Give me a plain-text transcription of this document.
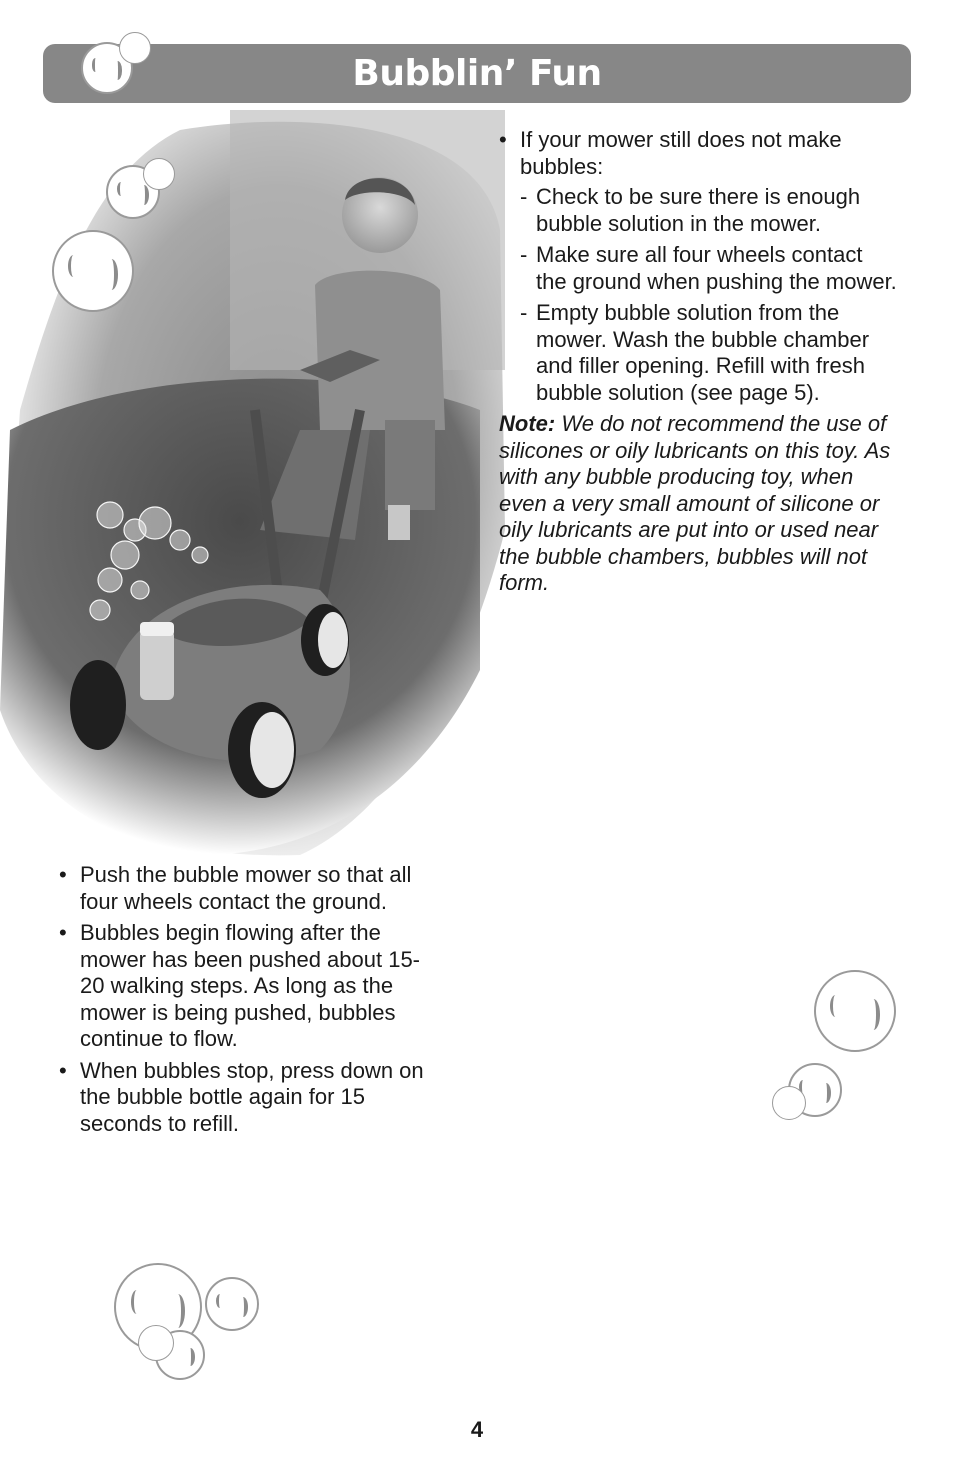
Bubblin’ Fun
• If your mower still does not make bubbles:
- Check to be sure there is enough bubble solution in the mower.
- Make sure all four wheels contact the ground when pushing the mower.
- Empty bubble solution from the mower. Wash the bubble chamber and filler opening. Refill with fresh bubble solution (see page 5).
Note: We do not recommend the use of silicones or oily lubricants on this toy. As with any bubble producing toy, when even a very small amount of silicone or oily lubricants are put into or used near the bubble chambers, bubbles will not form.
• Push the bubble mower so that all four wheels contact the ground.
• Bubbles begin flowing after the mower has been pushed about 15-20 walking steps. As long as the mower is being pushed, bubbles continue to flow.
• When bubbles stop, press down on the bubble bottle again for 15 seconds to refill.
4
